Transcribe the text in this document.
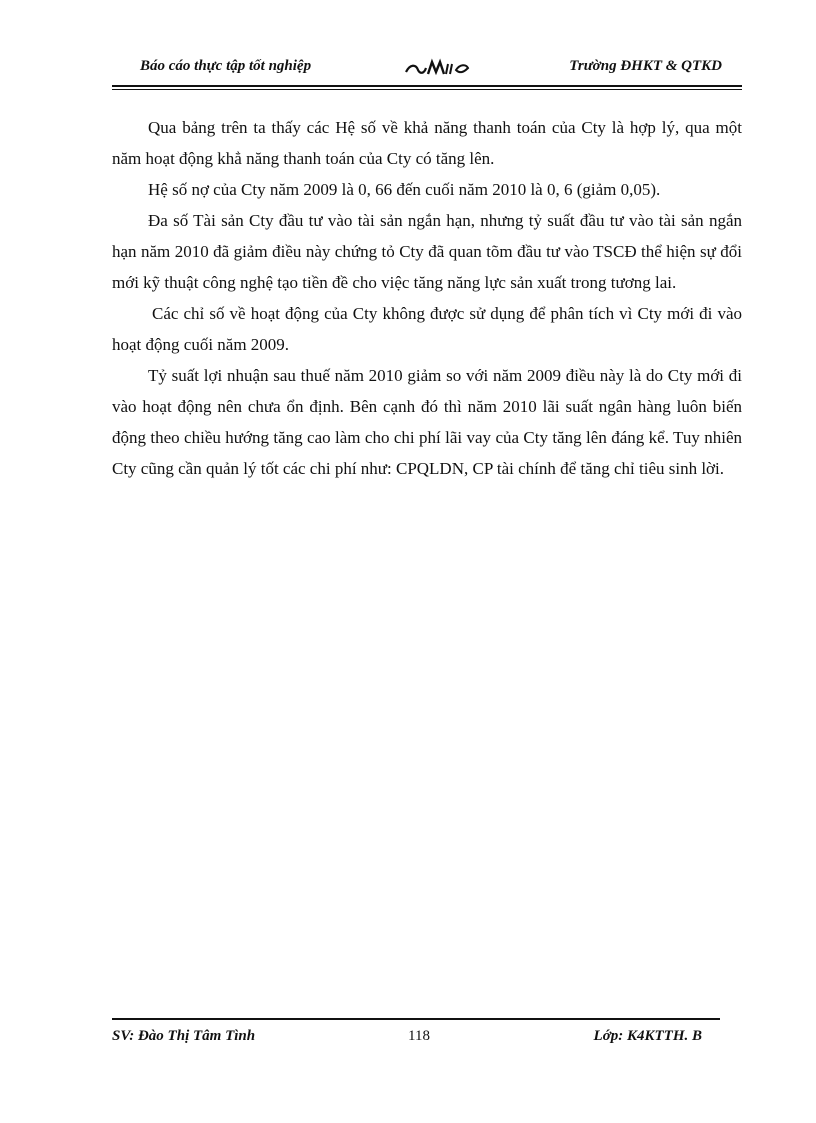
Báo cáo thực tập tốt nghiệp	Trường ĐHKT & QTKD

Qua bảng trên ta thấy các Hệ số về khả năng thanh toán của Cty là hợp lý, qua một năm hoạt động khẳ năng thanh toán của Cty có tăng lên.

Hệ số nợ của Cty năm 2009 là 0, 66 đến cuối năm 2010 là 0, 6 (giảm 0,05).

Đa số Tài sản Cty đầu tư vào tài sản ngắn hạn, nhưng tỷ suất đầu tư vào tài sản ngắn hạn năm 2010 đã giảm điều này chứng tỏ Cty đã quan tõm đầu tư vào TSCĐ thể hiện sự đổi mới kỹ thuật công nghệ tạo tiền đề cho việc tăng năng lực sản xuất trong tương lai.

Các chỉ số về hoạt động của Cty không được sử dụng để phân tích vì Cty mới đi vào hoạt động cuối năm 2009.

Tỷ suất lợi nhuận sau thuế năm 2010 giảm so với năm 2009 điều này là do Cty mới đi vào hoạt động nên chưa ổn định. Bên cạnh đó thì năm 2010 lãi suất ngân hàng luôn biến động theo chiều hướng tăng cao làm cho chi phí lãi vay của Cty tăng lên đáng kể. Tuy nhiên Cty cũng cần quản lý tốt các chi phí như: CPQLDN, CP tài chính để tăng chỉ tiêu sinh lời.

SV: Đào Thị Tâm Tình	118	Lớp: K4KTTH. B
